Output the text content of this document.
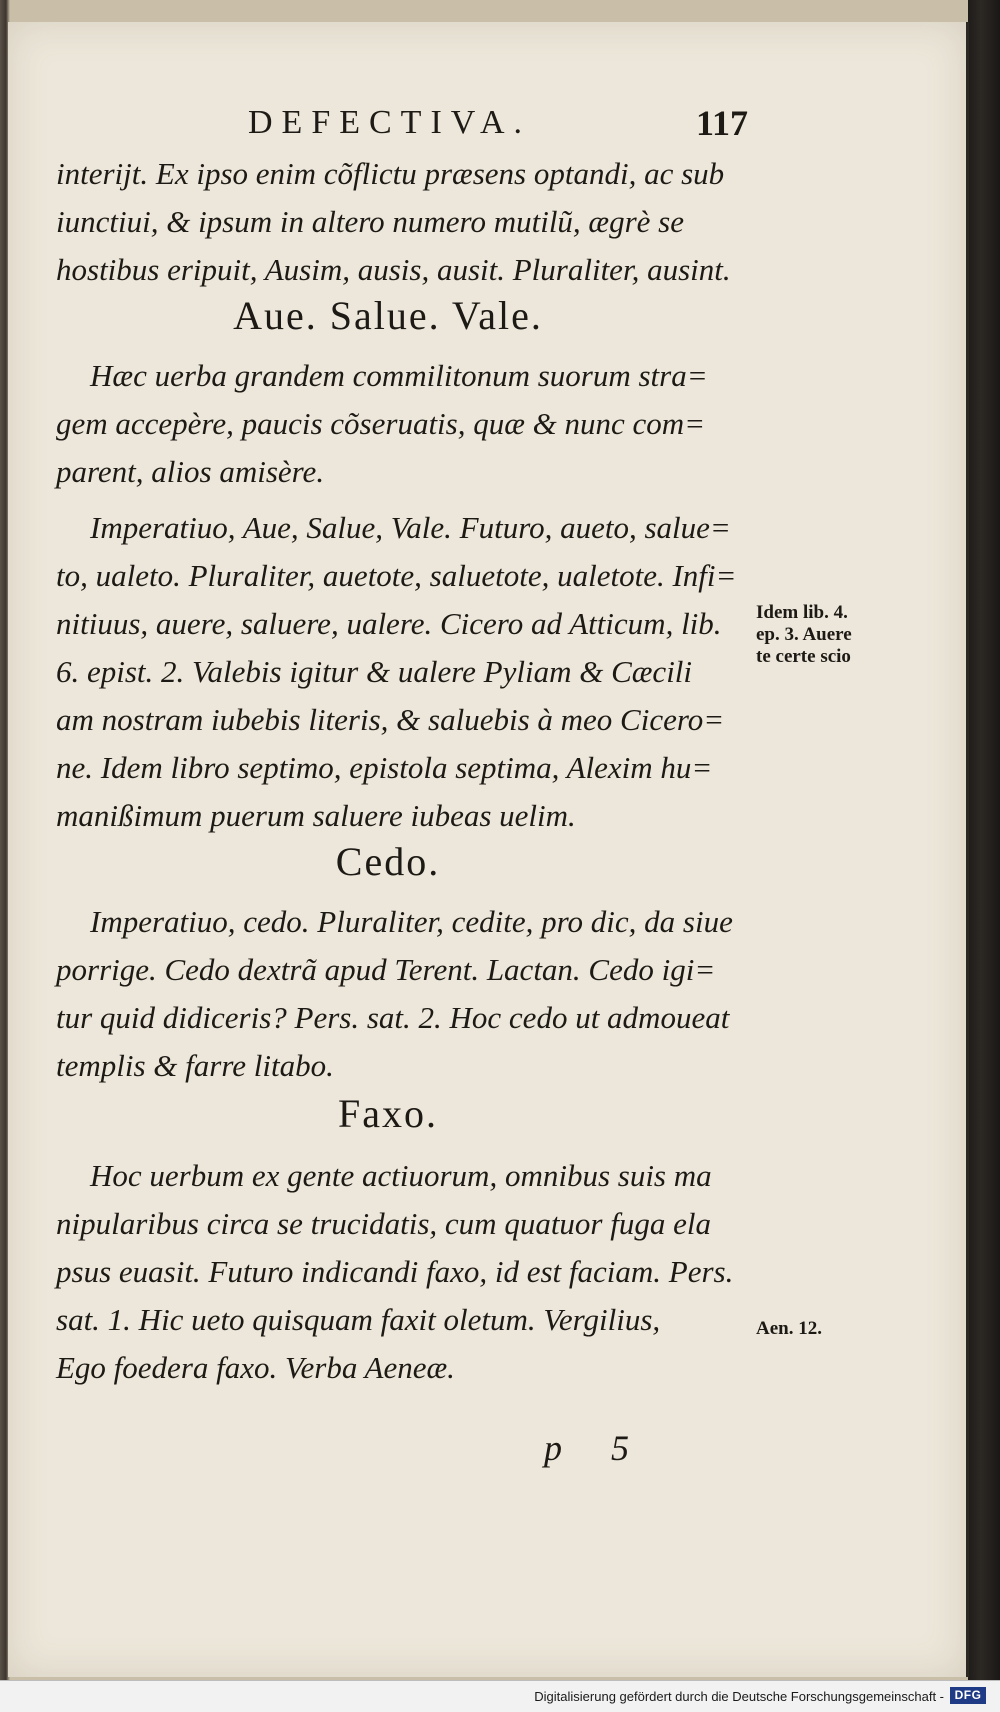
DEFECTIVA.	117
interijt. Ex ipso enim cõflictu præsens optandi, ac sub
iunctiui, & ipsum in altero numero mutilũ, ægrè se
hostibus eripuit, Ausim, ausis, ausit. Pluraliter, ausint.
Aue. Salue. Vale.
Hæc uerba grandem commilitonum suorum stra=
gem accepère, paucis cõseruatis, quæ & nunc com=
parent, alios amisère.
Imperatiuo, Aue, Salue, Vale. Futuro, aueto, salue=
to, ualeto. Pluraliter, auetote, saluetote, ualetote. Infi=
nitiuus, auere, saluere, ualere. Cicero ad Atticum, lib.
6. epist. 2. Valebis igitur & ualere Pyliam & Cæcili
am nostram iubebis literis, & saluebis à meo Cicero=
ne. Idem libro septimo, epistola septima, Alexim hu=
manißimum puerum saluere iubeas uelim.
Idem lib. 4.
ep. 3. Auere
te certe scio
Cedo.
Imperatiuo, cedo. Pluraliter, cedite, pro dic, da siue
porrige. Cedo dextrã apud Terent. Lactan. Cedo igi=
tur quid didiceris? Pers. sat. 2. Hoc cedo ut admoueat
templis & farre litabo.
Faxo.
Hoc uerbum ex gente actiuorum, omnibus suis ma
nipularibus circa se trucidatis, cum quatuor fuga ela
psus euasit. Futuro indicandi faxo, id est faciam. Pers.
sat. 1. Hic ueto quisquam faxit oletum. Vergilius,
Ego foedera faxo. Verba Aeneæ.
Aen. 12.
p 5
Digitalisierung gefördert durch die Deutsche Forschungsgemeinschaft - DFG
